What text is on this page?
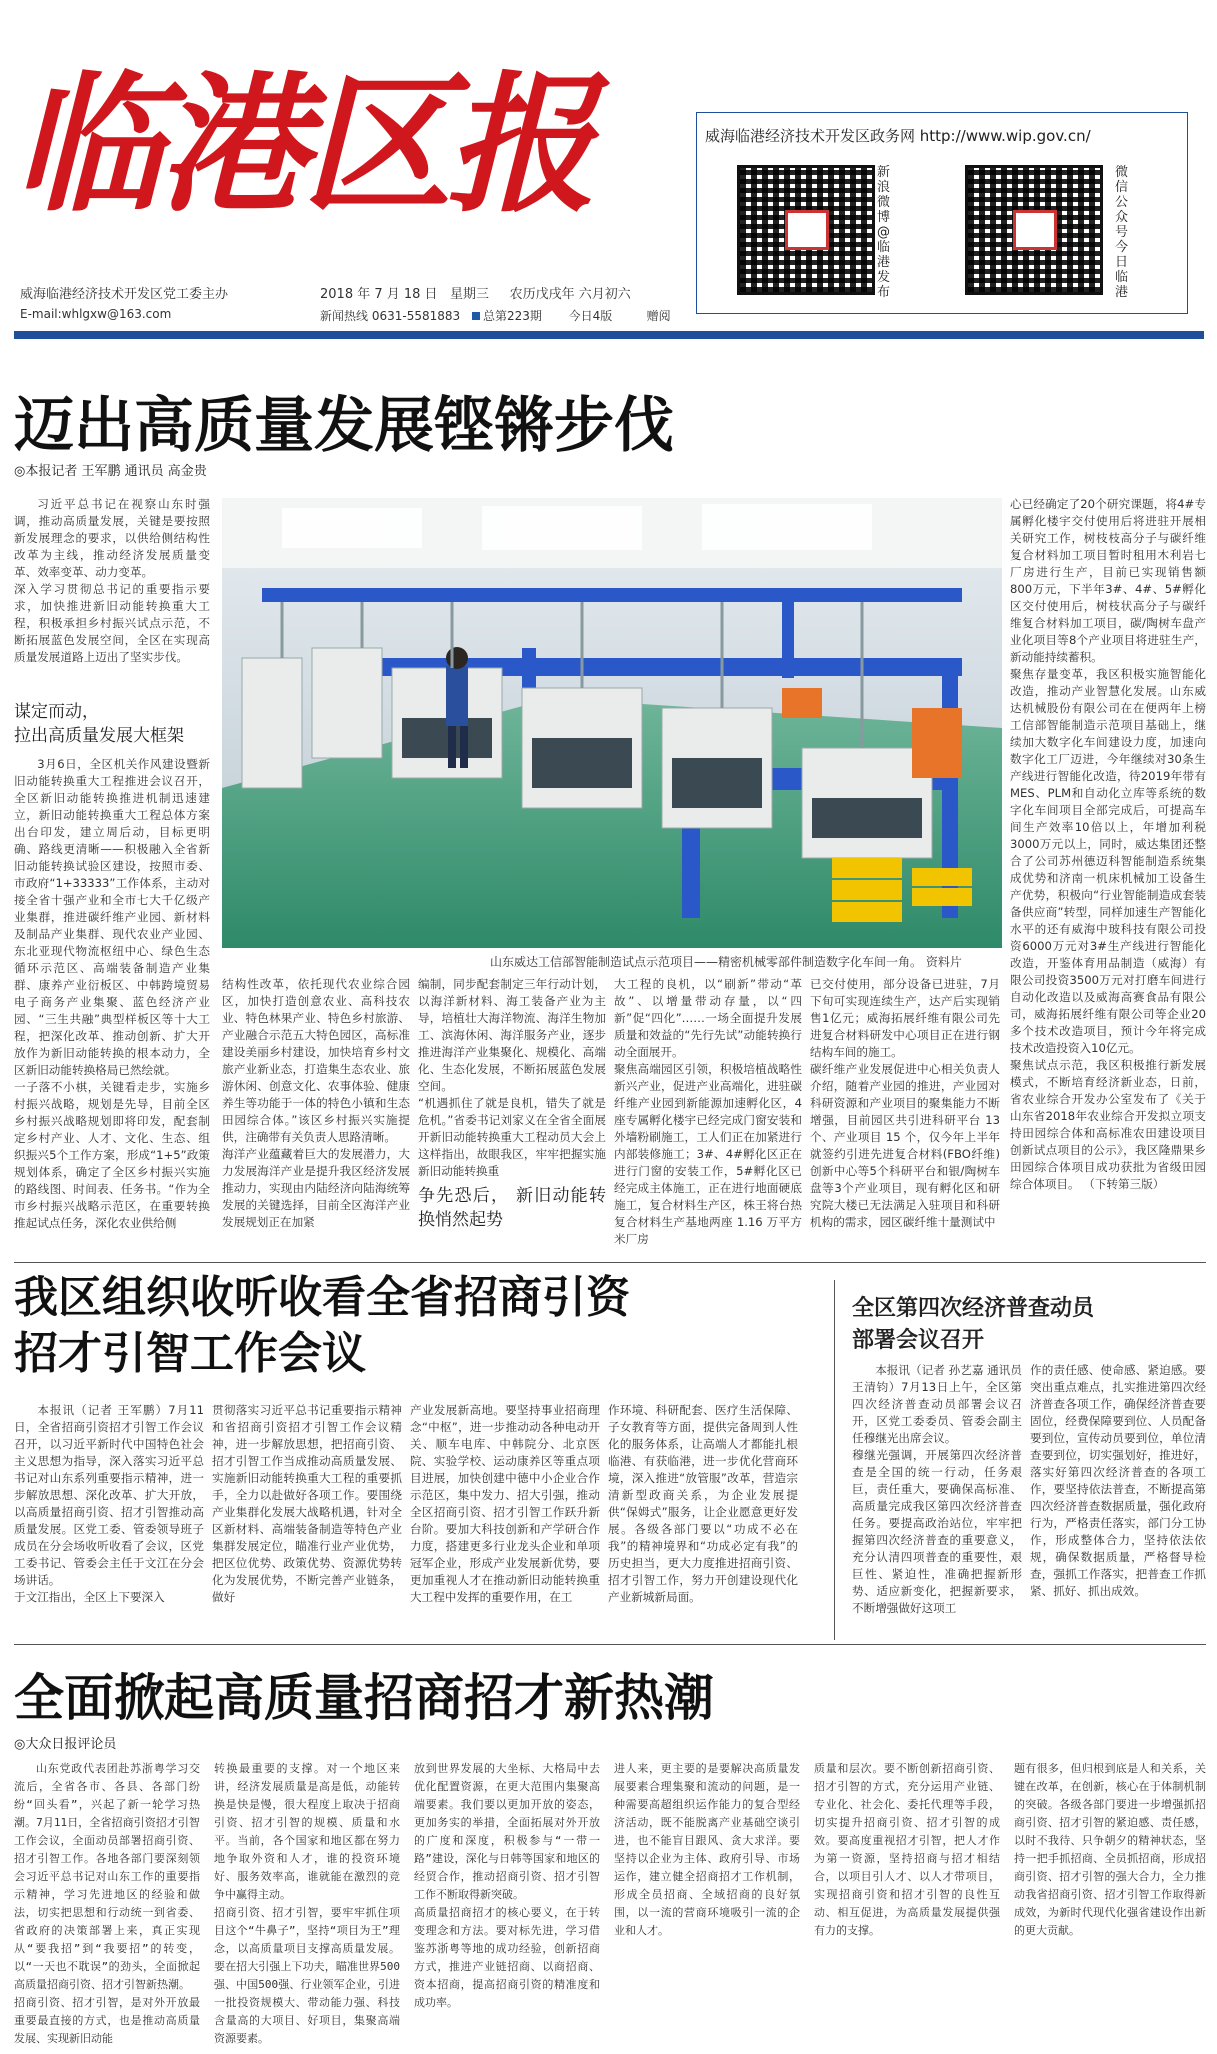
临港区报
威海临港经济技术开发区党工委主办
E-mail:whlgxw@163.com
2018 年 7 月 18 日 星期三 农历戊戌年 六月初六
新闻热线 0631-5581883 总第223期 今日4版	赠阅
威海临港经济技术开发区政务网 http://www.wip.gov.cn/
新浪微博@临港发布
微信公众号今日临港
迈出高质量发展铿锵步伐
◎本报记者 王军鹏 通讯员 高金贵

习近平总书记在视察山东时强调，推动高质量发展，关键是要按照新发展理念的要求，以供给侧结构性改革为主线，推动经济发展质量变革、效率变革、动力变革。
深入学习贯彻总书记的重要指示要求，加快推进新旧动能转换重大工程，积极承担乡村振兴试点示范，不断拓展蓝色发展空间，全区在实现高质量发展道路上迈出了坚实步伐。

谋定而动，
拉出高质量发展大框架

3月6日，全区机关作风建设暨新旧动能转换重大工程推进会议召开，全区新旧动能转换推进机制迅速建立，新旧动能转换重大工程总体方案出台印发，建立周后动，目标更明确、路线更清晰——积极融入全省新旧动能转换试验区建设，按照市委、市政府“1+33333”工作体系，主动对接全省十强产业和全市七大千亿级产业集群，推进碳纤维产业园、新材料及制品产业集群、现代农业产业园、东北亚现代物流枢纽中心、绿色生态循环示范区、高端装备制造产业集群、康养产业衍板区、中韩跨境贸易电子商务产业集聚、蓝色经济产业园、“三生共融”典型样板区等十大工程，把深化改革、推动创新、扩大开放作为新旧动能转换的根本动力，全区新旧动能转换格局已然绘就。
一子落不小棋，关键看走步，实施乡村振兴战略，规划是先导，目前全区乡村振兴战略规划即将印发，配套制定乡村产业、人才、文化、生态、组织振兴5个工作方案，形成“1+5”政策规划体系，确定了全区乡村振兴实施的路线图、时间表、任务书。“作为全市乡村振兴战略示范区，在重要转换推起试点任务，深化农业供给侧

山东威达工信部智能制造试点示范项目——精密机械零部件制造数字化车间一角。 资料片

心已经确定了20个研究课题，将4#专属孵化楼宇交付使用后将进驻开展相关研究工作，树枝枝高分子与碳纤维复合材料加工项目暂时租用木利岩七厂房进行生产，目前已实现销售额800万元，下半年3#、4#、5#孵化区交付使用后，树枝状高分子与碳纤维复合材料加工项目，碳/陶树车盘产业化项目等8个产业项目将进驻生产，新动能持续蓄积。
聚焦存量变革，我区积极实施智能化改造，推动产业智慧化发展。山东威达机械股份有限公司在在便两年上榜工信部智能制造示范项目基础上，继续加大数字化车间建设力度，加速向数字化工厂迈进，今年继续对30条生产线进行智能化改造，待2019年带有MES、PLM和自动化立库等系统的数字化车间项目全部完成后，可提高车间生产效率10倍以上，年增加利税3000万元以上，同时，威达集团还整合了公司苏州德迈科智能制造系统集成优势和济南一机床机械加工设备生产优势，积极向“行业智能制造成套装备供应商”转型，同样加速生产智能化水平的还有威海中玻科技有限公司投资6000万元对3#生产线进行智能化改造，开鉴体育用品制造（威海）有限公司投资3500万元对打磨车间进行自动化改造以及威海高赛食品有限公司，威海拓展纤维有限公司等企业20多个技术改造项目，预计今年将完成技术改造投资入10亿元。
聚焦试点示范，我区积极推行新发展模式，不断培育经济新业态，日前，省农业综合开发办公室发布了《关于山东省2018年农业综合开发拟立项支持田园综合体和高标准农田建设项目创新试点项目的公示》，我区隆鼎果乡田园综合体项目成功获批为省级田园综合体项目。 （下转第三版）

结构性改革，依托现代农业综合园区，加快打造创意农业、高科技农业、特色林果产业、特色乡村旅游、产业融合示范五大特色园区，高标准建设美丽乡村建设，加快培育乡村文旅产业新业态，打造集生态农业、旅游休闲、创意文化、农事体验、健康养生等功能于一体的特色小镇和生态田园综合体。”该区乡村振兴实施提供，注确带有关负责人思路清晰。
海洋产业蕴藏着巨大的发展潜力，大力发展海洋产业是提升我区经济发展推动力，实现由内陆经济向陆海统筹发展的关键选择，目前全区海洋产业发展规划正在加紧

编制，同步配套制定三年行动计划，以海洋新材料、海工装备产业为主导，培植壮大海洋物流、海洋生物加工、滨海休闲、海洋服务产业，逐步推进海洋产业集聚化、规模化、高端化、生态化发展，不断拓展蓝色发展空间。
“机遇抓住了就是良机，错失了就是危机。”省委书记刘家义在全省全面展开新旧动能转换重大工程动员大会上这样指出，故眼我区，牢牢把握实施新旧动能转换重

争先恐后， 新旧动能转换悄然起势

大工程的良机，以“刷新”带动“革故”、以增量带动存量，以“四新”促“四化”……一场全面提升发展质量和效益的“先行先试”动能转换行动全面展开。
聚焦高端园区引领，积极培植战略性新兴产业，促进产业高端化，进驻碳纤维产业园到新能源加速孵化区，4座专属孵化楼宇已经完成门窗安装和外墙粉刷施工，工人们正在加紧进行内部装修施工；3#、4#孵化区正在进行门窗的安装工作，5#孵化区已经完成主体施工，正在进行地面硬底施工，复合材料生产区，株王将台热复合材料生产基地两座 1.16 万平方米厂房

已交付使用，部分设备已进驻，7月下旬可实现连续生产，达产后实现销售1亿元；威海拓展纤维有限公司先进复合材料研发中心项目正在进行钢结构车间的施工。
碳纤维产业发展促进中心相关负责人介绍，随着产业园的推进，产业园对科研资源和产业项目的聚集能力不断增强，目前园区共引进科研平台 13 个、产业项目 15 个，仅今年上半年就签约引进先进复合材料(FBO纤维)创新中心等5个科研平台和银/陶树车盘等3个产业项目，现有孵化区和研究院大楼已无法满足入驻项目和科研机构的需求，园区碳纤维十量测试中

我区组织收听收看全省招商引资
招才引智工作会议

本报讯（记者 王军鹏）7月11日，全省招商引资招才引智工作会议召开，以习近平新时代中国特色社会主义思想为指导，深入落实习近平总书记对山东系列重要指示精神，进一步解放思想、深化改革、扩大开放，以高质量招商引资、招才引智推动高质量发展。区党工委、管委领导班子成员在分会场收听收看了会议，区党工委书记、管委会主任于文江在分会场讲话。
于文江指出，全区上下要深入

贯彻落实习近平总书记重要指示精神和省招商引资招才引智工作会议精神，进一步解放思想，把招商引资、招才引智工作当成推动高质量发展、实施新旧动能转换重大工程的重要抓手，全力以赴做好各项工作。要围绕产业集群化发展大战略机遇，针对全区新材料、高端装备制造等特色产业集群发展定位，瞄准行业产业优势，把区位优势、政策优势、资源优势转化为发展优势，不断完善产业链条，做好

产业发展新高地。要坚持事业招商理念“中枢”，进一步推动动各种电动开关、顺车电库、中韩院分、北京医院、实验学校、运动康养区等重点项目进展，加快创建中德中小企业合作示范区，集中发力、招大引强，推动全区招商引资、招才引智工作跃升新台阶。要加大科技创新和产学研合作力度，搭建更多行业龙头企业和单项冠军企业，形成产业发展新优势，要更加重视人才在推动新旧动能转换重大工程中发挥的重要作用，在工

作环境、科研配套、医疗生活保障、子女教育等方面，提供完备周到人性化的服务体系，让高端人才都能扎根临港、有获临港，进一步优化营商环境，深入推进“放管服”改革，营造宗清新型政商关系，为企业发展提供“保姆式”服务，让企业愿意更好发展。各级各部门要以“功成不必在我”的精神境界和“功成必定有我”的历史担当，更大力度推进招商引资、招才引智工作，努力开创建设现代化产业新城新局面。

全区第四次经济普查动员
部署会议召开

本报讯（记者 孙艺嘉 通讯员 王清钧）7月13日上午，全区第四次经济普查动员部署会议召开，区党工委委员、管委会副主任穆继光出席会议。
穆继光强调，开展第四次经济普查是全国的统一行动，任务艰巨，责任重大，要确保高标准、高质量完成我区第四次经济普查任务。要提高政治站位，牢牢把握第四次经济普查的重要意义，充分认清四项普查的重要性，艰巨性、紧迫性，准确把握新形势、适应新变化，把握新要求，不断增强做好这项工

作的责任感、使命感、紧迫感。要突出重点难点，扎实推进第四次经济普查各项工作，确保经济普查要固位，经费保障要到位、人员配备要到位，宣传动员要到位，单位清查要到位，切实强划好，推进好，落实好第四次经济普查的各项工作，要坚持依法普查，不断提高第四次经济普查数据质量，强化政府行为，严格责任落实，部门分工协作，形成整体合力，坚持依法依规，确保数据质量，严格督导检查，强抓工作落实，把普查工作抓紧、抓好、抓出成效。

全面掀起高质量招商招才新热潮
◎大众日报评论员

山东党政代表团赴苏浙粤学习交流后，全省各市、各县、各部门纷纷“回头看”，兴起了新一轮学习热潮。7月11日，全省招商引资招才引智工作会议，全面动员部署招商引资、招才引智工作。各地各部门要深刻领会习近平总书记对山东工作的重要指示精神，学习先进地区的经验和做法，切实把思想和行动统一到省委、省政府的决策部署上来，真正实现从“要我招”到“我要招”的转变，以“一天也不耽误”的劲头，全面掀起高质量招商引资、招才引智新热潮。
招商引资、招才引智，是对外开放最重要最直接的方式，也是推动高质量发展、实现新旧动能

转换最重要的支撑。对一个地区来讲，经济发展质量是高是低，动能转换是快是慢，很大程度上取决于招商引资、招才引智的规模、质量和水平。当前，各个国家和地区都在努力地争取外资和人才，谁的投资环境好、服务效率高，谁就能在激烈的竞争中赢得主动。
招商引资、招才引智，要牢牢抓住项目这个“牛鼻子”，坚持“项目为王”理念，以高质量项目支撑高质量发展。要在招大引强上下功夫，瞄准世界500强、中国500强、行业领军企业，引进一批投资规模大、带动能力强、科技含量高的大项目、好项目，集聚高端资源要素。

放到世界发展的大坐标、大格局中去优化配置资源，在更大范围内集聚高端要素。我们要以更加开放的姿态，更加务实的举措，全面拓展对外开放的广度和深度，积极参与“一带一路”建设，深化与日韩等国家和地区的经贸合作，推动招商引资、招才引智工作不断取得新突破。
高质量招商招才的核心要义，在于转变理念和方法。要对标先进，学习借鉴苏浙粤等地的成功经验，创新招商方式，推进产业链招商、以商招商、资本招商，提高招商引资的精准度和成功率。

进人来，更主要的是要解决高质量发展要素合理集聚和流动的问题，是一种需要高超组织运作能力的复合型经济活动，既不能脱离产业基础空谈引进，也不能盲目跟风、贪大求洋。要坚持以企业为主体、政府引导、市场运作，建立健全招商招才工作机制，形成全员招商、全域招商的良好氛围，以一流的营商环境吸引一流的企业和人才。

质量和层次。要不断创新招商引资、招才引智的方式，充分运用产业链、专业化、社会化、委托代理等手段，切实提升招商引资、招才引智的成效。要高度重视招才引智，把人才作为第一资源，坚持招商与招才相结合，以项目引人才、以人才带项目，实现招商引资和招才引智的良性互动、相互促进，为高质量发展提供强有力的支撑。

题有很多，但归根到底是人和关系，关键在改革，在创新，核心在于体制机制的突破。各级各部门要进一步增强抓招商引资、招才引智的紧迫感、责任感，以时不我待、只争朝夕的精神状态，坚持一把手抓招商、全员抓招商，形成招商引资、招才引智的强大合力，全力推动我省招商引资、招才引智工作取得新成效，为新时代现代化强省建设作出新的更大贡献。
